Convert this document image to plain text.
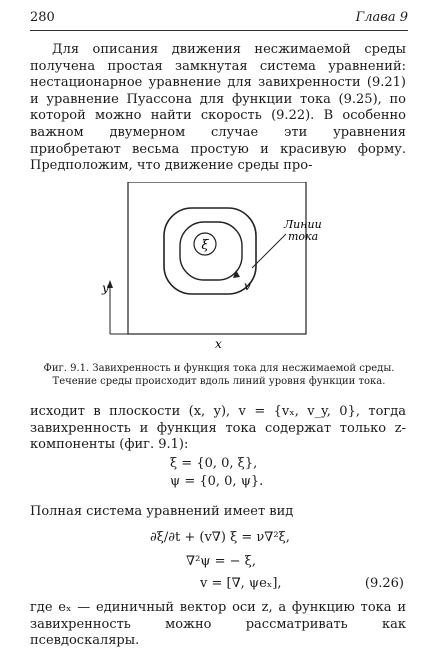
280	Глава 9
Для описания движения несжимаемой среды получена простая замкнутая система уравнений: нестационарное уравнение для завихренности (9.21) и уравнение Пуассона для функции тока (9.25), по которой можно найти скорость (9.22). В особенно важном двумерном случае эти уравнения приобретают весьма простую и красивую форму. Предположим, что движение среды про-
ξ
v
Линии
тока
y
x
Фиг. 9.1. Завихренность и функция тока для несжимаемой среды. Течение среды происходит вдоль линий уровня функции тока.
исходит в плоскости (x, y), v = {vₓ, v_y, 0}, тогда завихренность и функция тока содержат только z-компоненты (фиг. 9.1):
ξ = {0, 0, ξ},
ψ = {0, 0, ψ}.
Полная система уравнений имеет вид
∂ξ/∂t + (v∇) ξ = ν∇²ξ,
∇²ψ = − ξ,
v = [∇, ψeₓ],	(9.26)
где eₓ — единичный вектор оси z, а функцию тока и завихренность можно рассматривать как псевдоскаляры.
